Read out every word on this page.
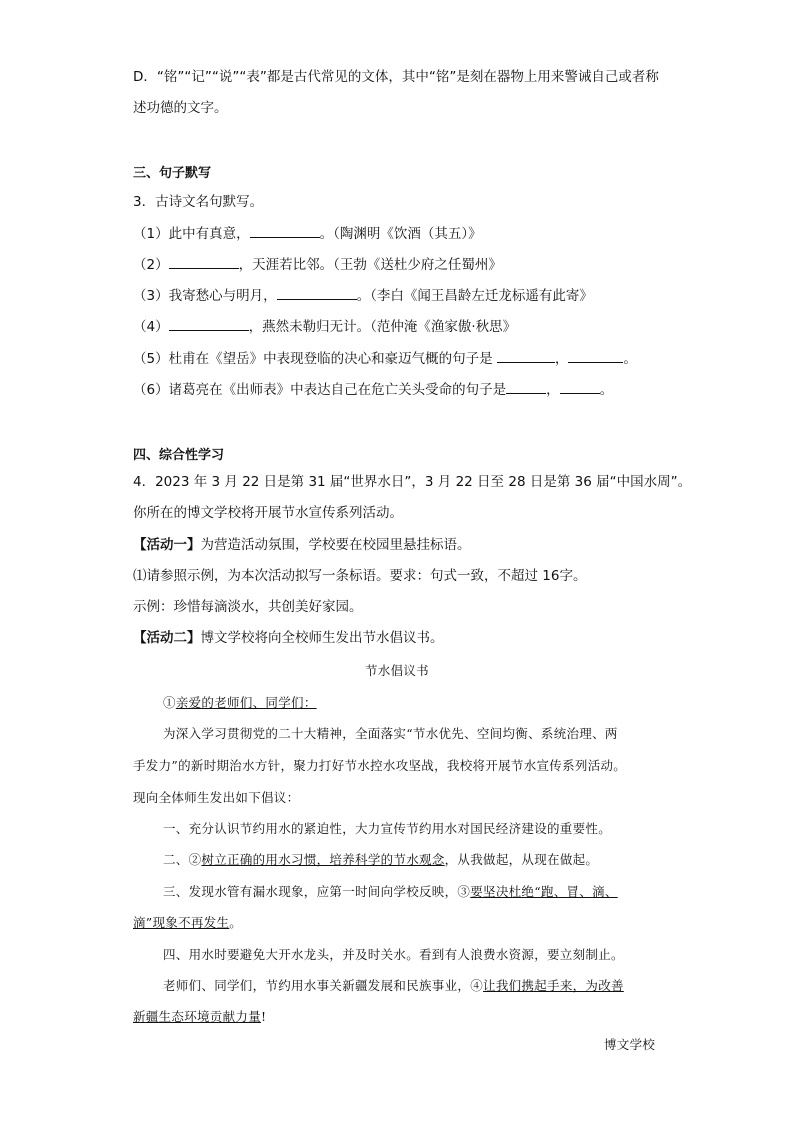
D．“铭”“记”“说”“表”都是古代常见的文体，其中“铭”是刻在器物上用来警诫自己或者称
述功德的文字。
三、句子默写
3．古诗文名句默写。
（1）此中有真意，	。（陶渊明《饮酒（其五）》
（2）	，天涯若比邻。（王勃《送杜少府之任蜀州》
（3）我寄愁心与明月，	。（李白《闻王昌龄左迁龙标遥有此寄》
（4）	，燕然未勒归无计。（范仲淹《渔家傲·秋思》
（5）杜甫在《望岳》中表现登临的决心和豪迈气概的句子是	，	。
（6）诸葛亮在《出师表》中表达自己在危亡关头受命的句子是	，	。
四、综合性学习
4．2023 年 3 月 22 日是第 31 届“世界水日”，3 月 22 日至 28 日是第 36 届“中国水周”。
你所在的博文学校将开展节水宣传系列活动。
【活动一】为营造活动氛围，学校要在校园里悬挂标语。
⑴请参照示例，为本次活动拟写一条标语。要求：句式一致，不超过 16字。
示例：珍惜每滴淡水，共创美好家园。
【活动二】博文学校将向全校师生发出节水倡议书。
节水倡议书
①亲爱的老师们、同学们：
为深入学习贯彻党的二十大精神，全面落实“节水优先、空间均衡、系统治理、两
手发力”的新时期治水方针，聚力打好节水控水攻坚战，我校将开展节水宣传系列活动。
现向全体师生发出如下倡议：
一、充分认识节约用水的紧迫性，大力宣传节约用水对国民经济建设的重要性。
二、②树立正确的用水习惯，培养科学的节水观念，从我做起，从现在做起。
三、发现水管有漏水现象，应第一时间向学校反映，③要坚决杜绝“跑、冒、滴、
滴”现象不再发生。
四、用水时要避免大开水龙头，并及时关水。看到有人浪费水资源，要立刻制止。
老师们、同学们，节约用水事关新疆发展和民族事业，④让我们携起手来，为改善
新疆生态环境贡献力量!
博文学校
